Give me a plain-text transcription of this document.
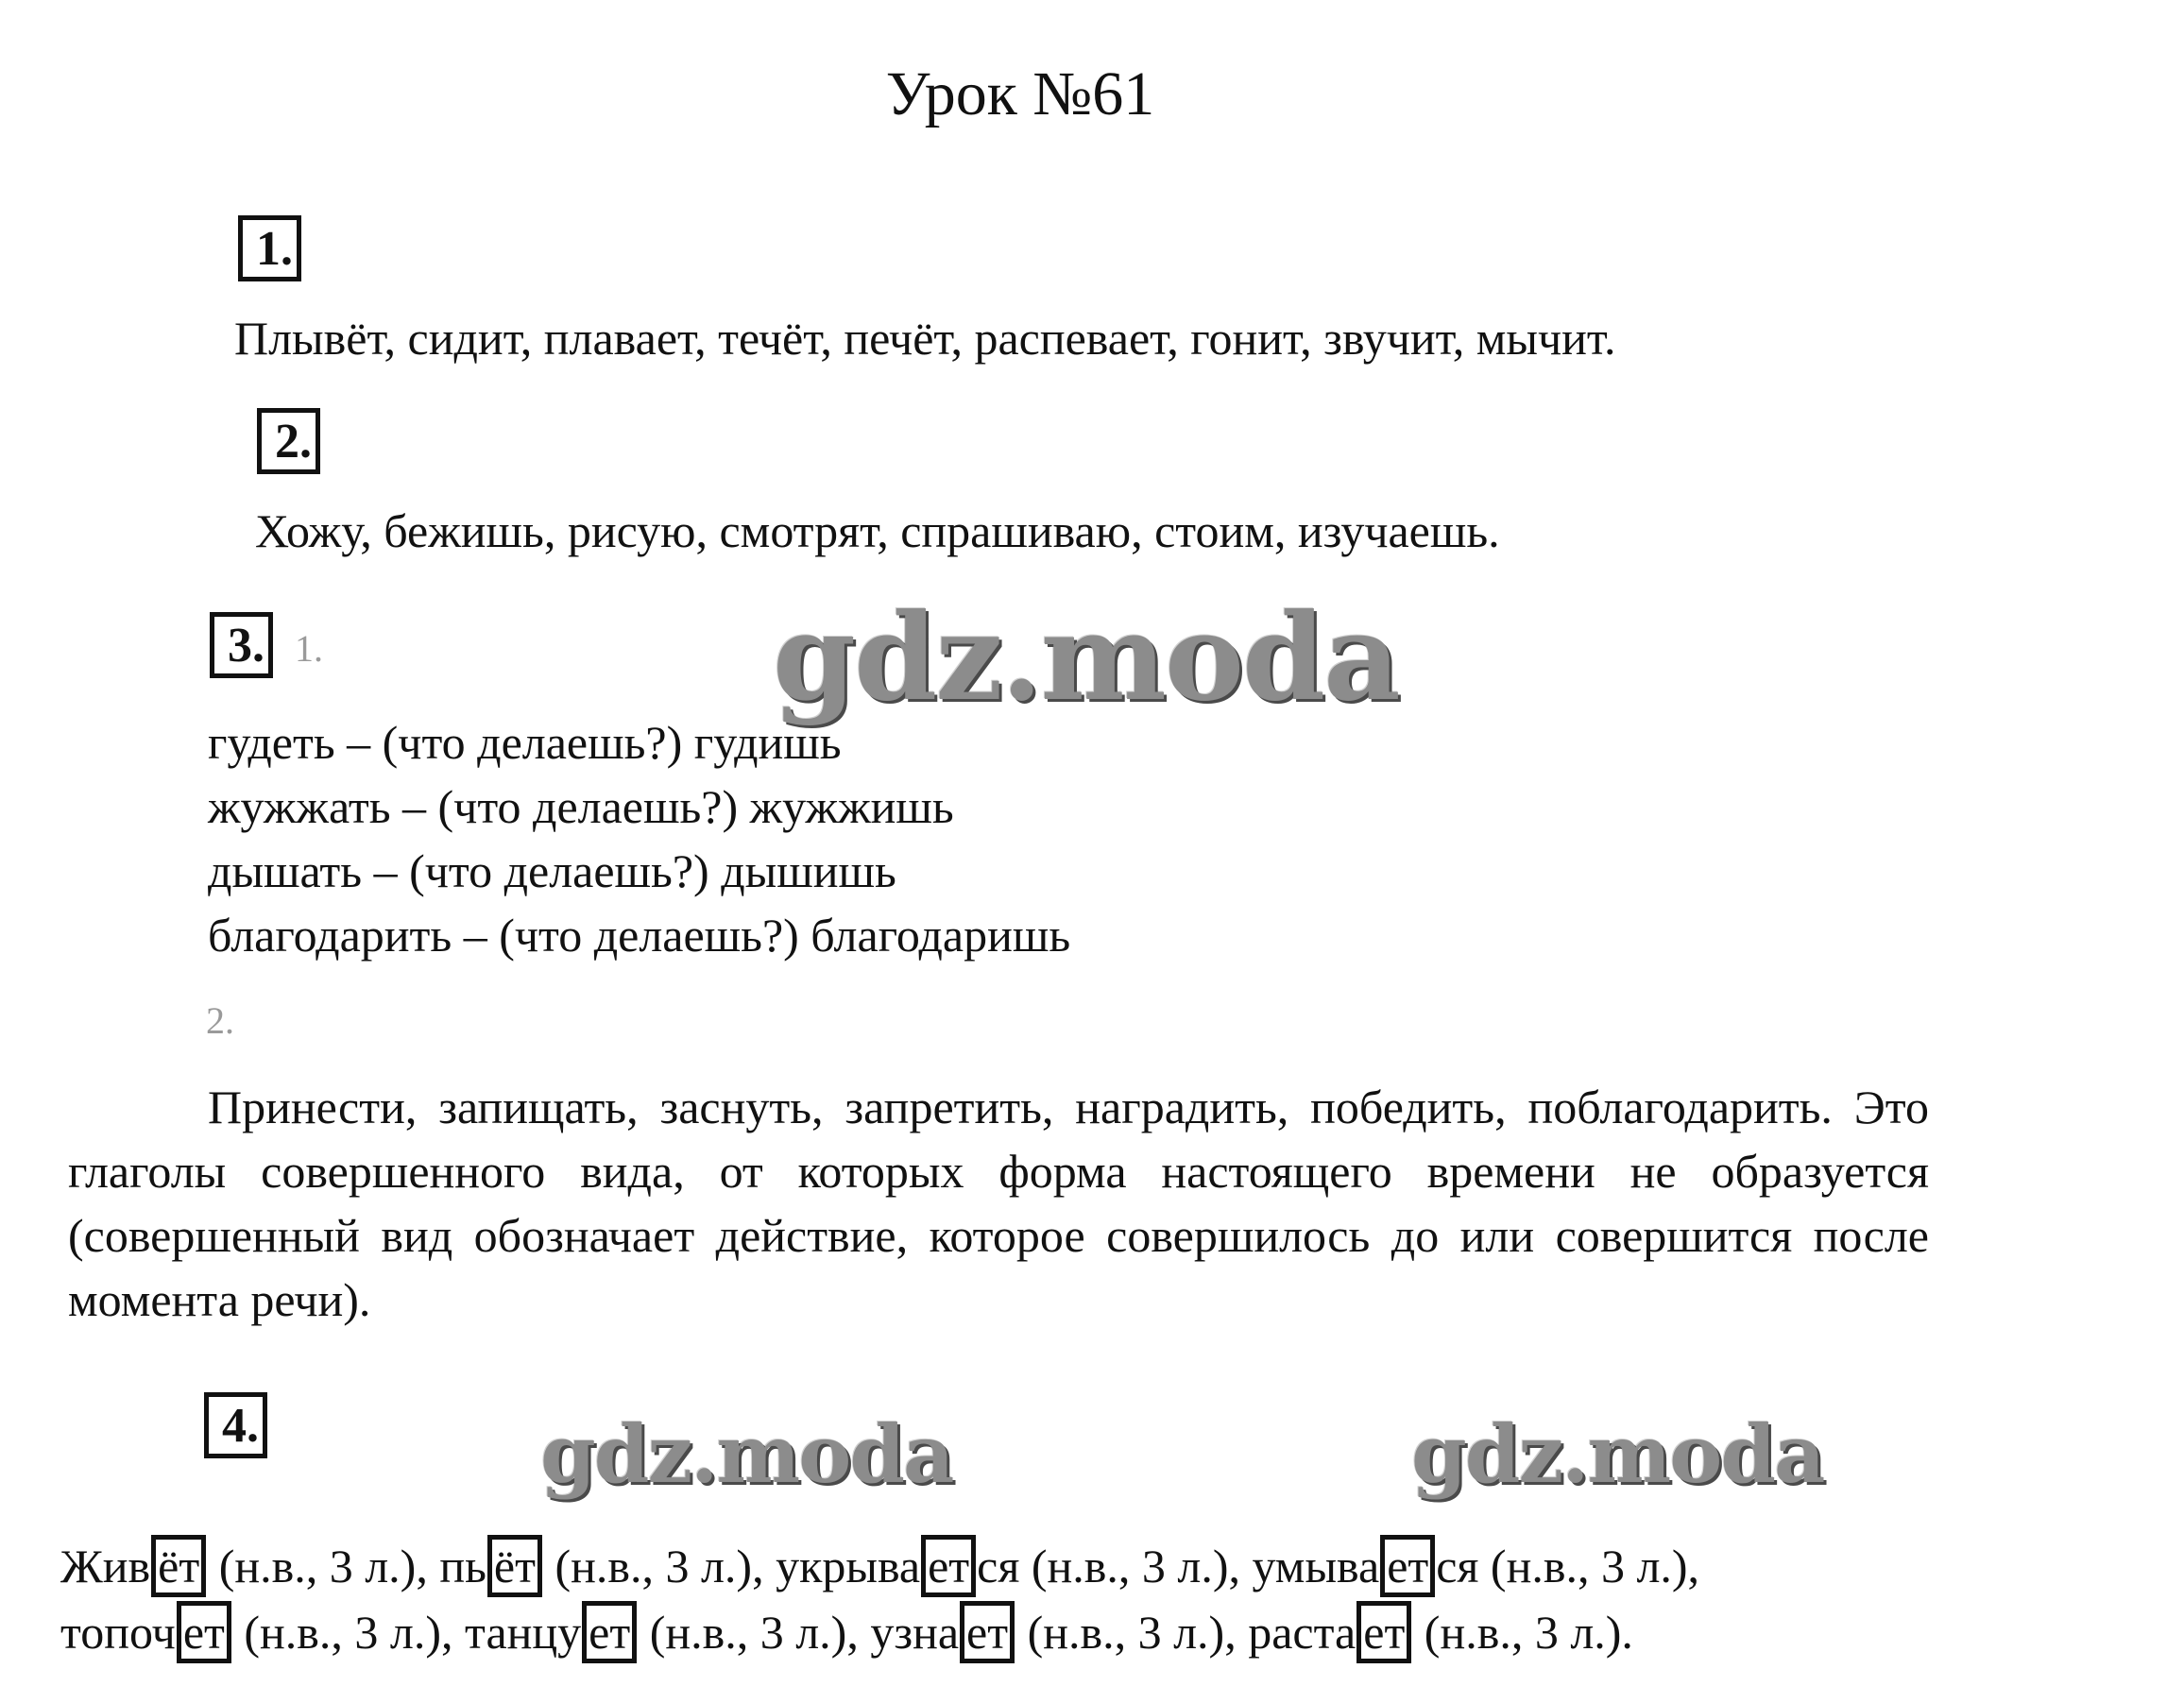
Урок №61
1.
Плывёт, сидит, плавает, течёт, печёт, распевает, гонит, звучит, мычит.
2.
Хожу, бежишь, рисую, смотрят, спрашиваю, стоим, изучаешь.
3. 1.	gdz.moda
гудеть – (что делаешь?) гудишь
жужжать – (что делаешь?) жужжишь
дышать – (что делаешь?) дышишь
благодарить – (что делаешь?) благодаришь
2.
Принести, запищать, заснуть, запретить, наградить, победить, поблагодарить. Это глаголы совершенного вида, от которых форма настоящего времени не образуется (совершенный вид обозначает действие, которое совершилось до или совершится после момента речи).
4.	gdz.moda	gdz.moda
Жив ёт (н.в., 3 л.), пь ёт (н.в., 3 л.), укрыва ет ся (н.в., 3 л.), умыва ет ся (н.в., 3 л.),
топоч ет (н.в., 3 л.), танцу ет (н.в., 3 л.), узна ет (н.в., 3 л.), раста ет (н.в., 3 л.).
